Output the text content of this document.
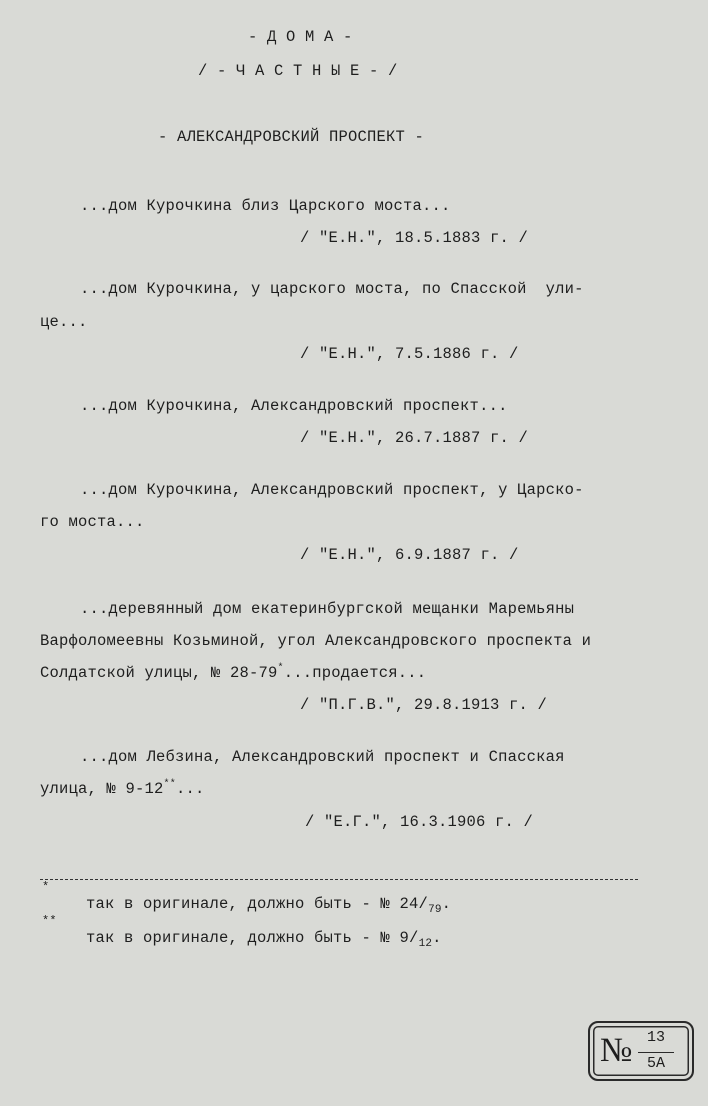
- Д О М А -
/ - Ч А С Т Н Ы Е - /
- АЛЕКСАНДРОВСКИЙ ПРОСПЕКТ -
...дом Курочкина близ Царского моста...
/ "Е.Н.", 18.5.1883 г. /
...дом Курочкина, у царского моста, по Спасской  ули-
це...
/ "Е.Н.", 7.5.1886 г. /
...дом Курочкина, Александровский проспект...
/ "Е.Н.", 26.7.1887 г. /
...дом Курочкина, Александровский проспект, у Царско-
го моста...
/ "Е.Н.", 6.9.1887 г. /
...деревянный дом екатеринбургской мещанки Маремьяны
Варфоломеевны Козьминой, угол Александровского проспекта и
Солдатской улицы, № 28-79*...продается...
/ "П.Г.В.", 29.8.1913 г. /
...дом Лебзина, Александровский проспект и Спасская
улица, № 9-12**...
/ "Е.Г.", 16.3.1906 г. /
*
так в оригинале, должно быть - № $24/_{79}$.
**
так в оригинале, должно быть - № $9/_{12}$.
№ 13
5А
